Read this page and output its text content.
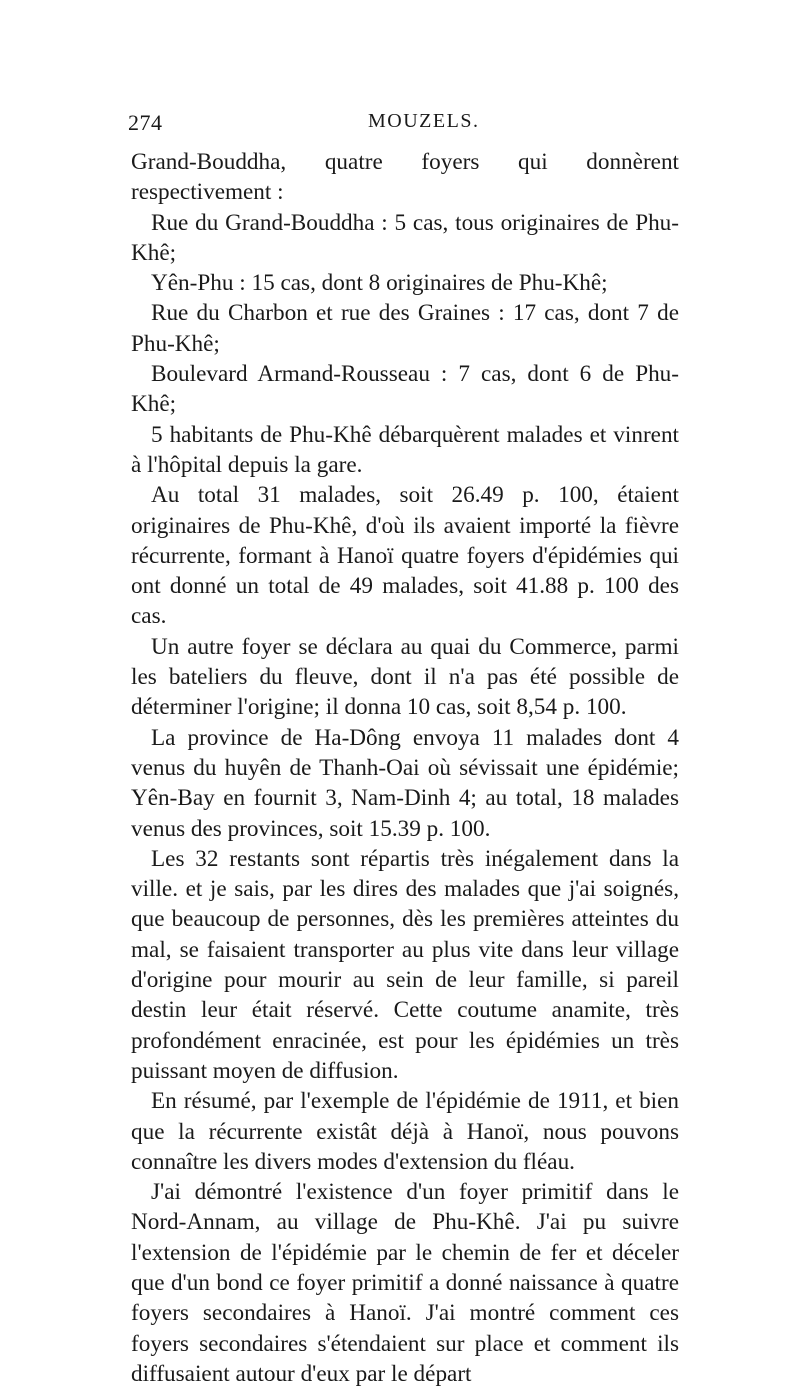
274	MOUZELS.

Grand-Bouddha, quatre foyers qui donnèrent respectivement :

Rue du Grand-Bouddha : 5 cas, tous originaires de Phu-Khê;

Yên-Phu : 15 cas, dont 8 originaires de Phu-Khê;

Rue du Charbon et rue des Graines : 17 cas, dont 7 de Phu-Khê;

Boulevard Armand-Rousseau : 7 cas, dont 6 de Phu-Khê;

5 habitants de Phu-Khê débarquèrent malades et vinrent à l'hôpital depuis la gare.

Au total 31 malades, soit 26.49 p. 100, étaient originaires de Phu-Khê, d'où ils avaient importé la fièvre récurrente, formant à Hanoï quatre foyers d'épidémies qui ont donné un total de 49 malades, soit 41.88 p. 100 des cas.

Un autre foyer se déclara au quai du Commerce, parmi les bateliers du fleuve, dont il n'a pas été possible de déterminer l'origine; il donna 10 cas, soit 8,54 p. 100.

La province de Ha-Dông envoya 11 malades dont 4 venus du huyên de Thanh-Oai où sévissait une épidémie; Yên-Bay en fournit 3, Nam-Dinh 4; au total, 18 malades venus des provinces, soit 15.39 p. 100.

Les 32 restants sont répartis très inégalement dans la ville. et je sais, par les dires des malades que j'ai soignés, que beaucoup de personnes, dès les premières atteintes du mal, se faisaient transporter au plus vite dans leur village d'origine pour mourir au sein de leur famille, si pareil destin leur était réservé. Cette coutume anamite, très profondément enracinée, est pour les épidémies un très puissant moyen de diffusion.

En résumé, par l'exemple de l'épidémie de 1911, et bien que la récurrente existât déjà à Hanoï, nous pouvons connaître les divers modes d'extension du fléau.

J'ai démontré l'existence d'un foyer primitif dans le Nord-Annam, au village de Phu-Khê. J'ai pu suivre l'extension de l'épidémie par le chemin de fer et déceler que d'un bond ce foyer primitif a donné naissance à quatre foyers secondaires à Hanoï. J'ai montré comment ces foyers secondaires s'étendaient sur place et comment ils diffusaient autour d'eux par le départ
